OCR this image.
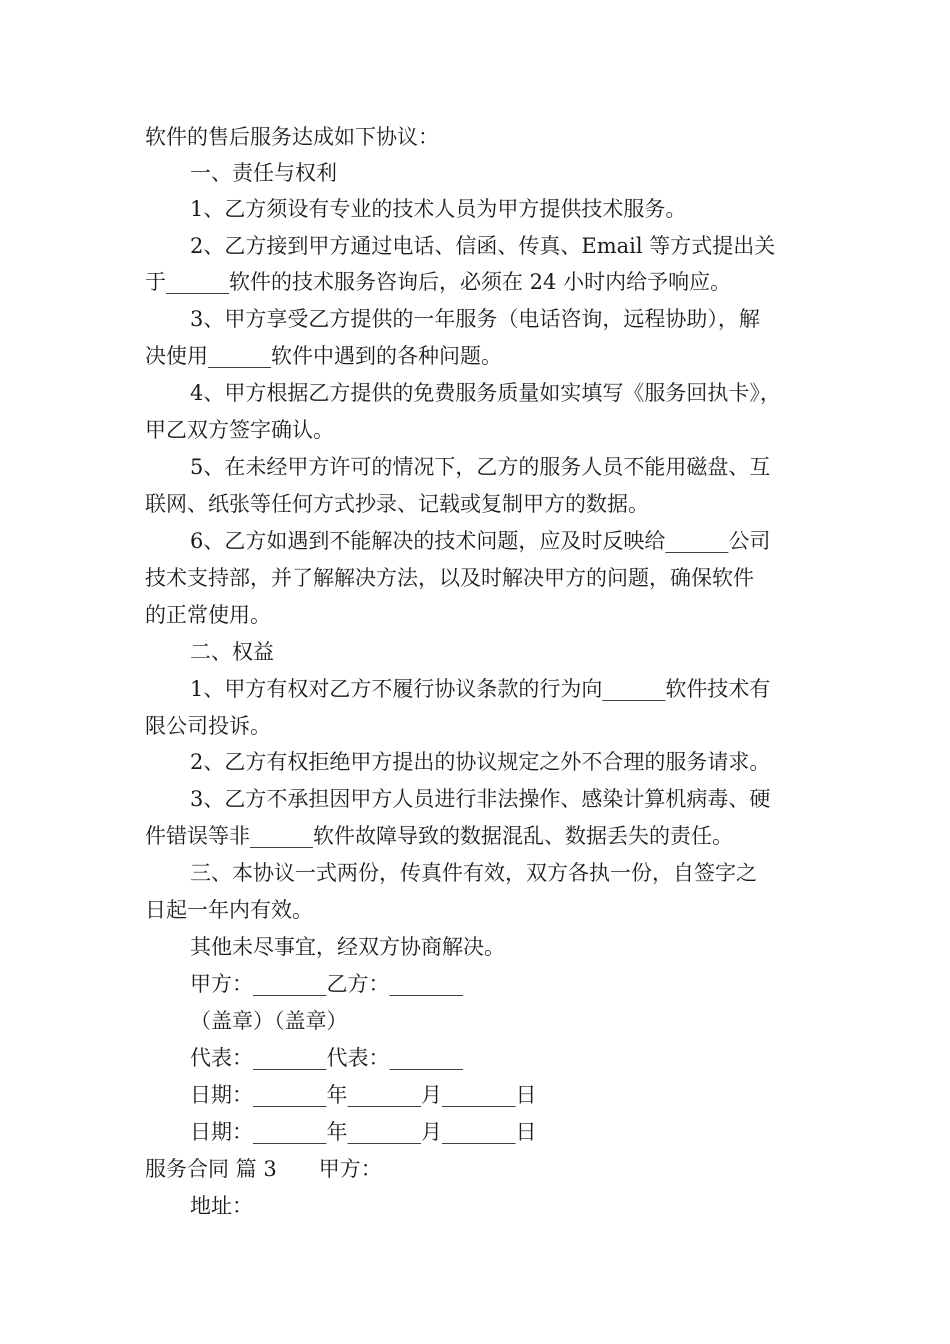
软件的售后服务达成如下协议：
一、责任与权利
1、乙方须设有专业的技术人员为甲方提供技术服务。
2、乙方接到甲方通过电话、信函、传真、Email 等方式提出关
于______软件的技术服务咨询后，必须在 24 小时内给予响应。
3、甲方享受乙方提供的一年服务（电话咨询，远程协助），解
决使用______软件中遇到的各种问题。
4、甲方根据乙方提供的免费服务质量如实填写《服务回执卡》，
甲乙双方签字确认。
5、在未经甲方许可的情况下，乙方的服务人员不能用磁盘、互
联网、纸张等任何方式抄录、记载或复制甲方的数据。
6、乙方如遇到不能解决的技术问题，应及时反映给______公司
技术支持部，并了解解决方法，以及时解决甲方的问题，确保软件
的正常使用。
二、权益
1、甲方有权对乙方不履行协议条款的行为向______软件技术有
限公司投诉。
2、乙方有权拒绝甲方提出的协议规定之外不合理的服务请求。
3、乙方不承担因甲方人员进行非法操作、感染计算机病毒、硬
件错误等非______软件故障导致的数据混乱、数据丢失的责任。
三、本协议一式两份，传真件有效，双方各执一份，自签字之
日起一年内有效。
其他未尽事宜，经双方协商解决。
甲方：_______乙方：_______
（盖章）（盖章）
代表：_______代表：_______
日期：_______年_______月_______日
日期：_______年_______月_______日
服务合同 篇 3　　甲方：
地址：
